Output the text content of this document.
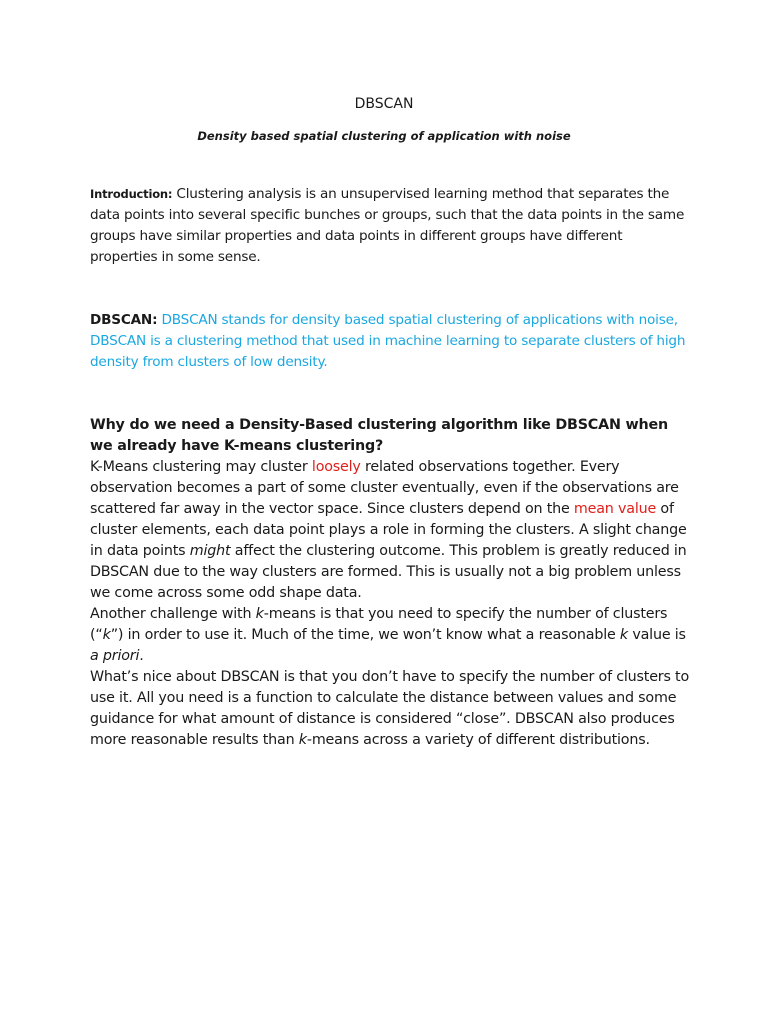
DBSCAN
Density based spatial clustering of application with noise

Introduction: Clustering analysis is an unsupervised learning method that separates the data points into several specific bunches or groups, such that the data points in the same groups have similar properties and data points in different groups have different properties in some sense.

DBSCAN: DBSCAN stands for density based spatial clustering of applications with noise, DBSCAN is a clustering method that used in machine learning to separate clusters of high density from clusters of low density.

Why do we need a Density-Based clustering algorithm like DBSCAN when we already have K-means clustering?

K-Means clustering may cluster loosely related observations together. Every observation becomes a part of some cluster eventually, even if the observations are scattered far away in the vector space. Since clusters depend on the mean value of cluster elements, each data point plays a role in forming the clusters. A slight change in data points might affect the clustering outcome. This problem is greatly reduced in DBSCAN due to the way clusters are formed. This is usually not a big problem unless we come across some odd shape data.

Another challenge with k-means is that you need to specify the number of clusters (“k”) in order to use it. Much of the time, we won’t know what a reasonable k value is a priori.

What’s nice about DBSCAN is that you don’t have to specify the number of clusters to use it. All you need is a function to calculate the distance between values and some guidance for what amount of distance is considered “close”. DBSCAN also produces more reasonable results than k-means across a variety of different distributions.
